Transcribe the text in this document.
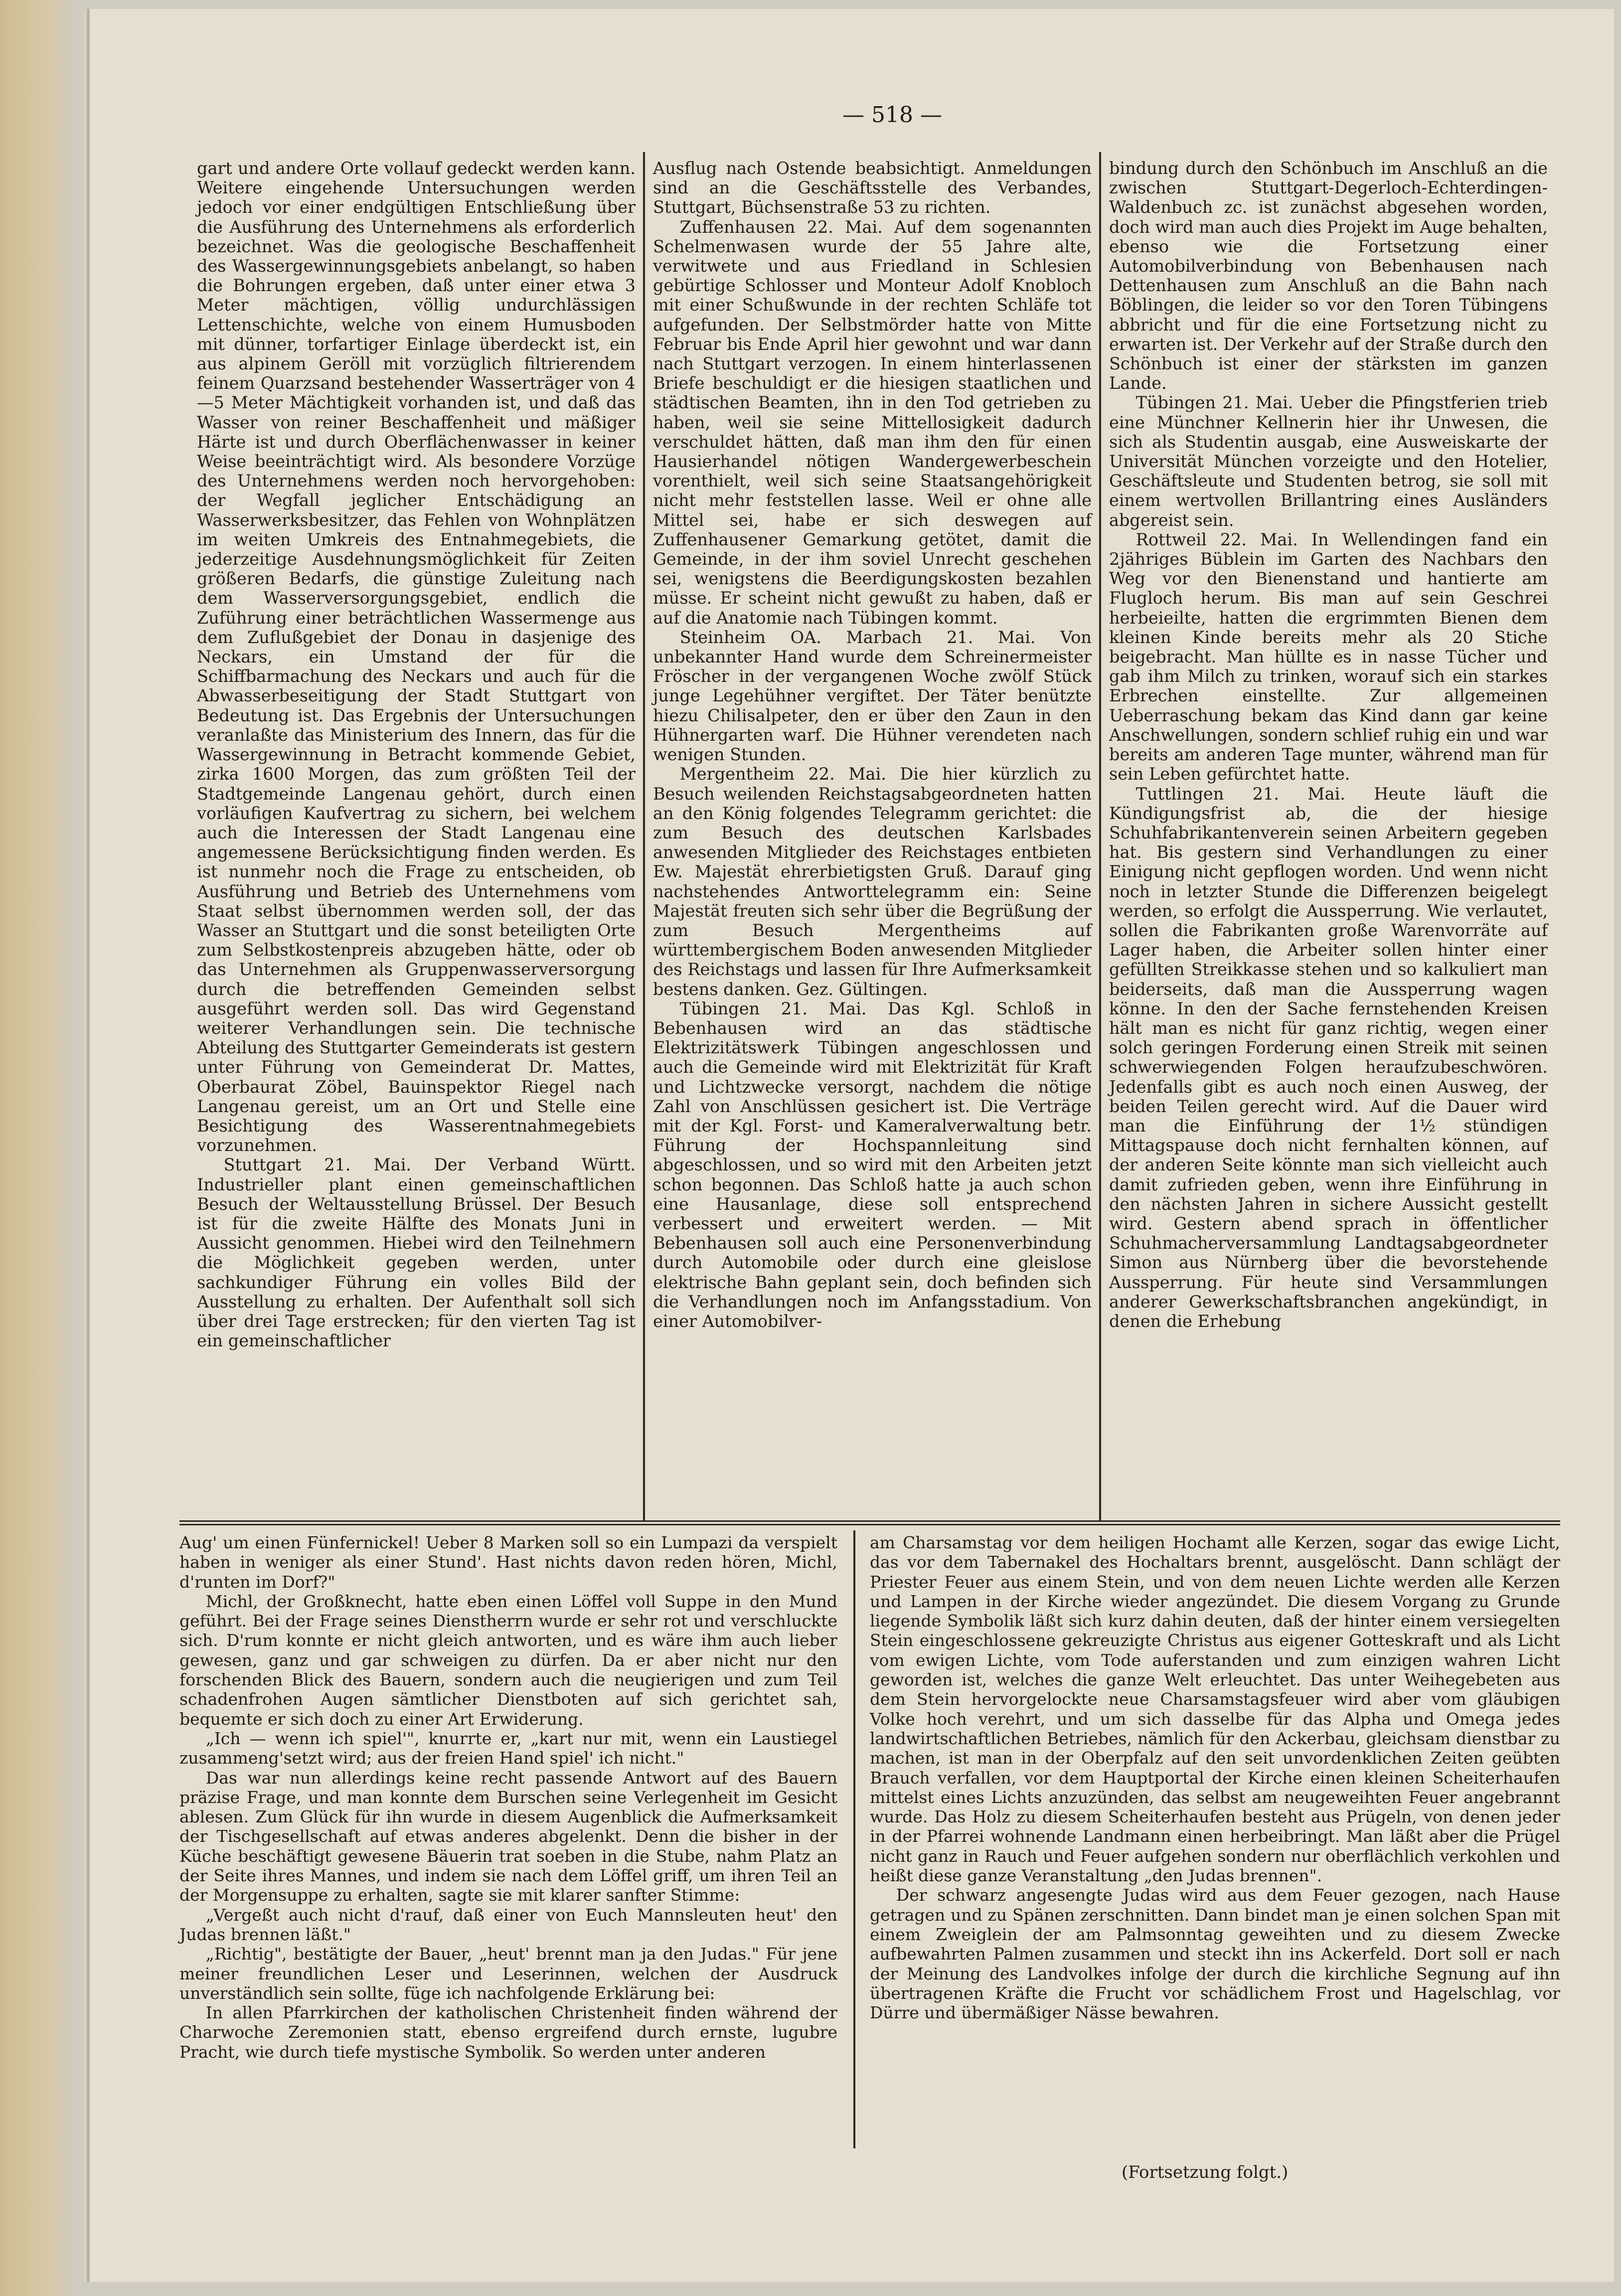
— 518 —

gart und andere Orte vollauf gedeckt werden kann. Weitere eingehende Untersuchungen werden jedoch vor einer endgültigen Entschließung über die Ausführung des Unternehmens als erforderlich bezeichnet. Was die geologische Beschaffenheit des Wassergewinnungsgebiets anbelangt, so haben die Bohrungen ergeben, daß unter einer etwa 3 Meter mächtigen, völlig undurchlässigen Lettenschichte, welche von einem Humusboden mit dünner, torfartiger Einlage überdeckt ist, ein aus alpinem Geröll mit vorzüglich filtrierendem feinem Quarzsand bestehender Wasserträger von 4—5 Meter Mächtigkeit vorhanden ist, und daß das Wasser von reiner Beschaffenheit und mäßiger Härte ist und durch Oberflächenwasser in keiner Weise beeinträchtigt wird. Als besondere Vorzüge des Unternehmens werden noch hervorgehoben: der Wegfall jeglicher Entschädigung an Wasserwerksbesitzer, das Fehlen von Wohnplätzen im weiten Umkreis des Entnahmegebiets, die jederzeitige Ausdehnungsmöglichkeit für Zeiten größeren Bedarfs, die günstige Zuleitung nach dem Wasserversorgungsgebiet, endlich die Zuführung einer beträchtlichen Wassermenge aus dem Zuflußgebiet der Donau in dasjenige des Neckars, ein Umstand der für die Schiffbarmachung des Neckars und auch für die Abwasserbeseitigung der Stadt Stuttgart von Bedeutung ist. Das Ergebnis der Untersuchungen veranlaßte das Ministerium des Innern, das für die Wassergewinnung in Betracht kommende Gebiet, zirka 1600 Morgen, das zum größten Teil der Stadtgemeinde Langenau gehört, durch einen vorläufigen Kaufvertrag zu sichern, bei welchem auch die Interessen der Stadt Langenau eine angemessene Berücksichtigung finden werden. Es ist nunmehr noch die Frage zu entscheiden, ob Ausführung und Betrieb des Unternehmens vom Staat selbst übernommen werden soll, der das Wasser an Stuttgart und die sonst beteiligten Orte zum Selbstkostenpreis abzugeben hätte, oder ob das Unternehmen als Gruppenwasserversorgung durch die betreffenden Gemeinden selbst ausgeführt werden soll. Das wird Gegenstand weiterer Verhandlungen sein. Die technische Abteilung des Stuttgarter Gemeinderats ist gestern unter Führung von Gemeinderat Dr. Mattes, Oberbaurat Zöbel, Bauinspektor Riegel nach Langenau gereist, um an Ort und Stelle eine Besichtigung des Wasserentnahmegebiets vorzunehmen.

Stuttgart 21. Mai. Der Verband Württ. Industrieller plant einen gemeinschaftlichen Besuch der Weltausstellung Brüssel. Der Besuch ist für die zweite Hälfte des Monats Juni in Aussicht genommen. Hiebei wird den Teilnehmern die Möglichkeit gegeben werden, unter sachkundiger Führung ein volles Bild der Ausstellung zu erhalten. Der Aufenthalt soll sich über drei Tage erstrecken; für den vierten Tag ist ein gemeinschaftlicher

Ausflug nach Ostende beabsichtigt. Anmeldungen sind an die Geschäftsstelle des Verbandes, Stuttgart, Büchsenstraße 53 zu richten.

Zuffenhausen 22. Mai. Auf dem sogenannten Schelmenwasen wurde der 55 Jahre alte, verwitwete und aus Friedland in Schlesien gebürtige Schlosser und Monteur Adolf Knobloch mit einer Schußwunde in der rechten Schläfe tot aufgefunden. Der Selbstmörder hatte von Mitte Februar bis Ende April hier gewohnt und war dann nach Stuttgart verzogen. In einem hinterlassenen Briefe beschuldigt er die hiesigen staatlichen und städtischen Beamten, ihn in den Tod getrieben zu haben, weil sie seine Mittellosigkeit dadurch verschuldet hätten, daß man ihm den für einen Hausierhandel nötigen Wandergewerbeschein vorenthielt, weil sich seine Staatsangehörigkeit nicht mehr feststellen lasse. Weil er ohne alle Mittel sei, habe er sich deswegen auf Zuffenhausener Gemarkung getötet, damit die Gemeinde, in der ihm soviel Unrecht geschehen sei, wenigstens die Beerdigungskosten bezahlen müsse. Er scheint nicht gewußt zu haben, daß er auf die Anatomie nach Tübingen kommt.

Steinheim OA. Marbach 21. Mai. Von unbekannter Hand wurde dem Schreinermeister Fröscher in der vergangenen Woche zwölf Stück junge Legehühner vergiftet. Der Täter benützte hiezu Chilisalpeter, den er über den Zaun in den Hühnergarten warf. Die Hühner verendeten nach wenigen Stunden.

Mergentheim 22. Mai. Die hier kürzlich zu Besuch weilenden Reichstagsabgeordneten hatten an den König folgendes Telegramm gerichtet: die zum Besuch des deutschen Karlsbades anwesenden Mitglieder des Reichstages entbieten Ew. Majestät ehrerbietigsten Gruß. Darauf ging nachstehendes Antworttelegramm ein: Seine Majestät freuten sich sehr über die Begrüßung der zum Besuch Mergentheims auf württembergischem Boden anwesenden Mitglieder des Reichstags und lassen für Ihre Aufmerksamkeit bestens danken. Gez. Gültingen.

Tübingen 21. Mai. Das Kgl. Schloß in Bebenhausen wird an das städtische Elektrizitätswerk Tübingen angeschlossen und auch die Gemeinde wird mit Elektrizität für Kraft und Lichtzwecke versorgt, nachdem die nötige Zahl von Anschlüssen gesichert ist. Die Verträge mit der Kgl. Forst- und Kameralverwaltung betr. Führung der Hochspannleitung sind abgeschlossen, und so wird mit den Arbeiten jetzt schon begonnen. Das Schloß hatte ja auch schon eine Hausanlage, diese soll entsprechend verbessert und erweitert werden. — Mit Bebenhausen soll auch eine Personenverbindung durch Automobile oder durch eine gleislose elektrische Bahn geplant sein, doch befinden sich die Verhandlungen noch im Anfangsstadium. Von einer Automobilver-

bindung durch den Schönbuch im Anschluß an die zwischen Stuttgart-Degerloch-Echterdingen-Waldenbuch zc. ist zunächst abgesehen worden, doch wird man auch dies Projekt im Auge behalten, ebenso wie die Fortsetzung einer Automobilverbindung von Bebenhausen nach Dettenhausen zum Anschluß an die Bahn nach Böblingen, die leider so vor den Toren Tübingens abbricht und für die eine Fortsetzung nicht zu erwarten ist. Der Verkehr auf der Straße durch den Schönbuch ist einer der stärksten im ganzen Lande.

Tübingen 21. Mai. Ueber die Pfingstferien trieb eine Münchner Kellnerin hier ihr Unwesen, die sich als Studentin ausgab, eine Ausweiskarte der Universität München vorzeigte und den Hotelier, Geschäftsleute und Studenten betrog, sie soll mit einem wertvollen Brillantring eines Ausländers abgereist sein.

Rottweil 22. Mai. In Wellendingen fand ein 2jähriges Büblein im Garten des Nachbars den Weg vor den Bienenstand und hantierte am Flugloch herum. Bis man auf sein Geschrei herbeieilte, hatten die ergrimmten Bienen dem kleinen Kinde bereits mehr als 20 Stiche beigebracht. Man hüllte es in nasse Tücher und gab ihm Milch zu trinken, worauf sich ein starkes Erbrechen einstellte. Zur allgemeinen Ueberraschung bekam das Kind dann gar keine Anschwellungen, sondern schlief ruhig ein und war bereits am anderen Tage munter, während man für sein Leben gefürchtet hatte.

Tuttlingen 21. Mai. Heute läuft die Kündigungsfrist ab, die der hiesige Schuhfabrikantenverein seinen Arbeitern gegeben hat. Bis gestern sind Verhandlungen zu einer Einigung nicht gepflogen worden. Und wenn nicht noch in letzter Stunde die Differenzen beigelegt werden, so erfolgt die Aussperrung. Wie verlautet, sollen die Fabrikanten große Warenvorräte auf Lager haben, die Arbeiter sollen hinter einer gefüllten Streikkasse stehen und so kalkuliert man beiderseits, daß man die Aussperrung wagen könne. In den der Sache fernstehenden Kreisen hält man es nicht für ganz richtig, wegen einer solch geringen Forderung einen Streik mit seinen schwerwiegenden Folgen heraufzubeschwören. Jedenfalls gibt es auch noch einen Ausweg, der beiden Teilen gerecht wird. Auf die Dauer wird man die Einführung der 1½ stündigen Mittagspause doch nicht fernhalten können, auf der anderen Seite könnte man sich vielleicht auch damit zufrieden geben, wenn ihre Einführung in den nächsten Jahren in sichere Aussicht gestellt wird. Gestern abend sprach in öffentlicher Schuhmacherversammlung Landtagsabgeordneter Simon aus Nürnberg über die bevorstehende Aussperrung. Für heute sind Versammlungen anderer Gewerkschaftsbranchen angekündigt, in denen die Erhebung

Aug' um einen Fünfernickel! Ueber 8 Marken soll so ein Lumpazi da verspielt haben in weniger als einer Stund'. Hast nichts davon reden hören, Michl, d'runten im Dorf?"

Michl, der Großknecht, hatte eben einen Löffel voll Suppe in den Mund geführt. Bei der Frage seines Dienstherrn wurde er sehr rot und verschluckte sich. D'rum konnte er nicht gleich antworten, und es wäre ihm auch lieber gewesen, ganz und gar schweigen zu dürfen. Da er aber nicht nur den forschenden Blick des Bauern, sondern auch die neugierigen und zum Teil schadenfrohen Augen sämtlicher Dienstboten auf sich gerichtet sah, bequemte er sich doch zu einer Art Erwiderung.

„Ich — wenn ich spiel'", knurrte er, „kart nur mit, wenn ein Laustiegel zusammeng'setzt wird; aus der freien Hand spiel' ich nicht."

Das war nun allerdings keine recht passende Antwort auf des Bauern präzise Frage, und man konnte dem Burschen seine Verlegenheit im Gesicht ablesen. Zum Glück für ihn wurde in diesem Augenblick die Aufmerksamkeit der Tischgesellschaft auf etwas anderes abgelenkt. Denn die bisher in der Küche beschäftigt gewesene Bäuerin trat soeben in die Stube, nahm Platz an der Seite ihres Mannes, und indem sie nach dem Löffel griff, um ihren Teil an der Morgensuppe zu erhalten, sagte sie mit klarer sanfter Stimme:

„Vergeßt auch nicht d'rauf, daß einer von Euch Mannsleuten heut' den Judas brennen läßt."

„Richtig", bestätigte der Bauer, „heut' brennt man ja den Judas." Für jene meiner freundlichen Leser und Leserinnen, welchen der Ausdruck unverständlich sein sollte, füge ich nachfolgende Erklärung bei:

In allen Pfarrkirchen der katholischen Christenheit finden während der Charwoche Zeremonien statt, ebenso ergreifend durch ernste, lugubre Pracht, wie durch tiefe mystische Symbolik. So werden unter anderen

am Charsamstag vor dem heiligen Hochamt alle Kerzen, sogar das ewige Licht, das vor dem Tabernakel des Hochaltars brennt, ausgelöscht. Dann schlägt der Priester Feuer aus einem Stein, und von dem neuen Lichte werden alle Kerzen und Lampen in der Kirche wieder angezündet. Die diesem Vorgang zu Grunde liegende Symbolik läßt sich kurz dahin deuten, daß der hinter einem versiegelten Stein eingeschlossene gekreuzigte Christus aus eigener Gotteskraft und als Licht vom ewigen Lichte, vom Tode auferstanden und zum einzigen wahren Licht geworden ist, welches die ganze Welt erleuchtet. Das unter Weihegebeten aus dem Stein hervorgelockte neue Charsamstagsfeuer wird aber vom gläubigen Volke hoch verehrt, und um sich dasselbe für das Alpha und Omega jedes landwirtschaftlichen Betriebes, nämlich für den Ackerbau, gleichsam dienstbar zu machen, ist man in der Oberpfalz auf den seit unvordenklichen Zeiten geübten Brauch verfallen, vor dem Hauptportal der Kirche einen kleinen Scheiterhaufen mittelst eines Lichts anzuzünden, das selbst am neugeweihten Feuer angebrannt wurde. Das Holz zu diesem Scheiterhaufen besteht aus Prügeln, von denen jeder in der Pfarrei wohnende Landmann einen herbeibringt. Man läßt aber die Prügel nicht ganz in Rauch und Feuer aufgehen sondern nur oberflächlich verkohlen und heißt diese ganze Veranstaltung „den Judas brennen".

Der schwarz angesengte Judas wird aus dem Feuer gezogen, nach Hause getragen und zu Spänen zerschnitten. Dann bindet man je einen solchen Span mit einem Zweiglein der am Palmsonntag geweihten und zu diesem Zwecke aufbewahrten Palmen zusammen und steckt ihn ins Ackerfeld. Dort soll er nach der Meinung des Landvolkes infolge der durch die kirchliche Segnung auf ihn übertragenen Kräfte die Frucht vor schädlichem Frost und Hagelschlag, vor Dürre und übermäßiger Nässe bewahren.

(Fortsetzung folgt.)
